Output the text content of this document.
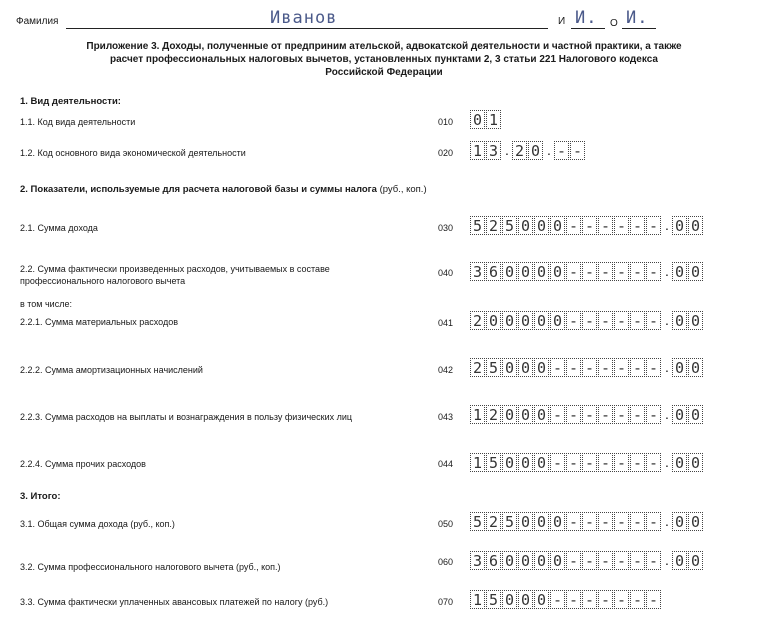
Фамилия	Иванов	И И. О И.
Приложение 3. Доходы, полученные от предприним ательской, адвокатской деятельности и частной практики, а также
расчет профессиональных налоговых вычетов, установленных пунктами 2, 3 статьи 221 Налогового кодекса
Российской Федерации
1. Вид деятельности:
1.1. Код вида деятельности	010 0 1
1.2. Код основного вида экономической деятельности	020 1 3 . 2 0 . - -
2. Показатели, используемые для расчета налоговой базы и суммы налога (руб., коп.)
2.1. Сумма дохода	030 5 2 5 0 0 0 - - - - - - . 0 0
2.2. Сумма фактически произведенных расходов, учитываемых в составе
профессионального налогового вычета
040 3 6 0 0 0 0 - - - - - - . 0 0
в том числе:
2.2.1. Сумма материальных расходов	041 2 0 0 0 0 0 - - - - - - . 0 0
2.2.2. Сумма амортизационных начислений	042 2 5 0 0 0 - - - - - - - . 0 0
2.2.3. Сумма расходов на выплаты и вознаграждения в пользу физических лиц	043 1 2 0 0 0 - - - - - - - . 0 0
2.2.4. Сумма прочих расходов	044 1 5 0 0 0 - - - - - - - . 0 0
3. Итого:
3.1. Общая сумма дохода (руб., коп.)	050 5 2 5 0 0 0 - - - - - - . 0 0
3.2. Сумма профессионального налогового вычета (руб., коп.)	060 3 6 0 0 0 0 - - - - - - . 0 0
3.3. Сумма фактически уплаченных авансовых платежей по налогу (руб.)	070 1 5 0 0 0 - - - - - - -
